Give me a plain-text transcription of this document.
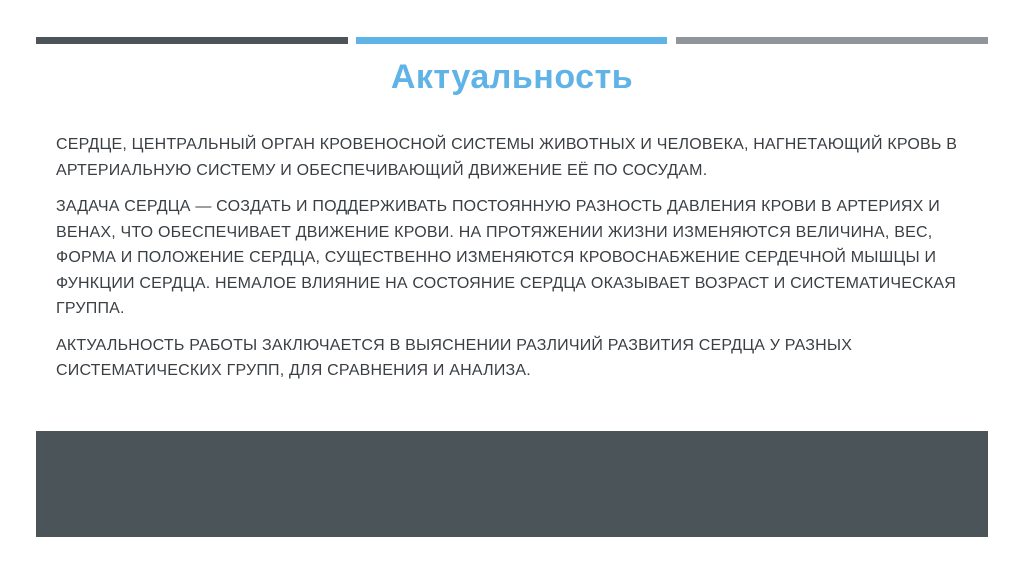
Актуальность

СЕРДЦЕ, ЦЕНТРАЛЬНЫЙ ОРГАН КРОВЕНОСНОЙ СИСТЕМЫ ЖИВОТНЫХ И ЧЕЛОВЕКА, НАГНЕТАЮЩИЙ КРОВЬ В АРТЕРИАЛЬНУЮ СИСТЕМУ И ОБЕСПЕЧИВАЮЩИЙ ДВИЖЕНИЕ ЕЁ ПО СОСУДАМ.

ЗАДАЧА СЕРДЦА — СОЗДАТЬ И ПОДДЕРЖИВАТЬ ПОСТОЯННУЮ РАЗНОСТЬ ДАВЛЕНИЯ КРОВИ В АРТЕРИЯХ И ВЕНАХ, ЧТО ОБЕСПЕЧИВАЕТ ДВИЖЕНИЕ КРОВИ. НА ПРОТЯЖЕНИИ ЖИЗНИ ИЗМЕНЯЮТСЯ ВЕЛИЧИНА, ВЕС, ФОРМА И ПОЛОЖЕНИЕ СЕРДЦА, СУЩЕСТВЕННО ИЗМЕНЯЮТСЯ КРОВОСНАБЖЕНИЕ СЕРДЕЧНОЙ МЫШЦЫ И ФУНКЦИИ СЕРДЦА. НЕМАЛОЕ ВЛИЯНИЕ НА СОСТОЯНИЕ СЕРДЦА ОКАЗЫВАЕТ ВОЗРАСТ И СИСТЕМАТИЧЕСКАЯ ГРУППА.

АКТУАЛЬНОСТЬ РАБОТЫ ЗАКЛЮЧАЕТСЯ В ВЫЯСНЕНИИ РАЗЛИЧИЙ РАЗВИТИЯ СЕРДЦА У РАЗНЫХ СИСТЕМАТИЧЕСКИХ ГРУПП, ДЛЯ СРАВНЕНИЯ И АНАЛИЗА.
